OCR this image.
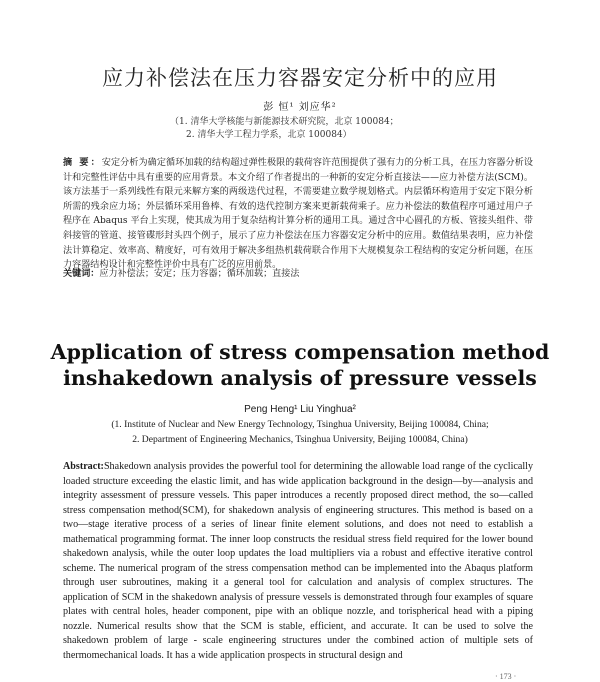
应力补偿法在压力容器安定分析中的应用
彭 恒¹ 刘应华²
（1. 清华大学核能与新能源技术研究院，北京 100084；
2. 清华大学工程力学系，北京 100084）
摘 要：安定分析为确定循环加载的结构超过弹性极限的载荷容许范围提供了强有力的分析工具，在压力容器分析设计和完整性评估中具有重要的应用背景。本文介绍了作者提出的一种新的安定分析直接法——应力补偿方法(SCM)。该方法基于一系列线性有限元来解方案的两级迭代过程，不需要建立数学规划格式。内层循环构造用于安定下限分析所需的残余应力场；外层循环采用鲁棒、有效的迭代控制方案来更新载荷乘子。应力补偿法的数值程序可通过用户子程序在 Abaqus 平台上实现，使其成为用于复杂结构计算分析的通用工具。通过含中心圆孔的方板、管接头组件、带斜接管的管道、接管碟形封头四个例子，展示了应力补偿法在压力容器安定分析中的应用。数值结果表明，应力补偿法计算稳定、效率高、精度好，可有效用于解决多组热机载荷联合作用下大规模复杂工程结构的安定分析问题，在压力容器结构设计和完整性评价中具有广泛的应用前景。
关键词：应力补偿法；安定；压力容器；循环加载；直接法
Application of stress compensation method
inshakedown analysis of pressure vessels
Peng Heng¹ Liu Yinghua²
(1. Institute of Nuclear and New Energy Technology, Tsinghua University, Beijing 100084, China;
2. Department of Engineering Mechanics, Tsinghua University, Beijing 100084, China)
Abstract:Shakedown analysis provides the powerful tool for determining the allowable load range of the cyclically loaded structure exceeding the elastic limit, and has wide application background in the design—by—analysis and integrity assessment of pressure vessels. This paper introduces a recently proposed direct method, the so—called stress compensation method(SCM), for shakedown analysis of engineering structures. This method is based on a two—stage iterative process of a series of linear finite element solutions, and does not need to establish a mathematical programming format. The inner loop constructs the residual stress field required for the lower bound shakedown analysis, while the outer loop updates the load multipliers via a robust and effective iterative control scheme. The numerical program of the stress compensation method can be implemented into the Abaqus platform through user subroutines, making it a general tool for calculation and analysis of complex structures. The application of SCM in the shakedown analysis of pressure vessels is demonstrated through four examples of square plates with central holes, header component, pipe with an oblique nozzle, and torispherical head with a piping nozzle. Numerical results show that the SCM is stable, efficient, and accurate. It can be used to solve the shakedown problem of large - scale engineering structures under the combined action of multiple sets of thermomechanical loads. It has a wide application prospects in structural design and
· 173 ·
